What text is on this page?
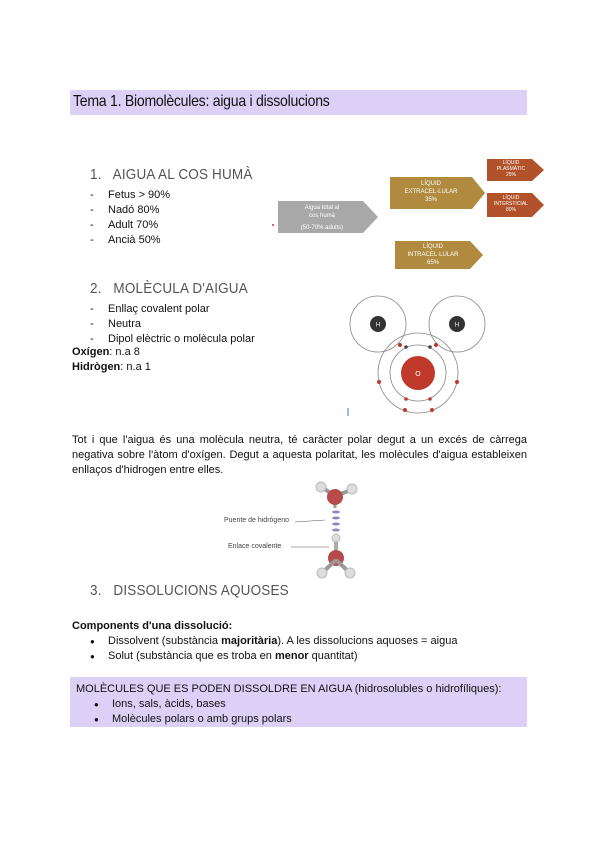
Tema 1. Biomolècules: aigua i dissolucions
1. AIGUA AL COS HUMÀ
- Fetus > 90%
- Nadó 80%
- Adult 70%
- Ancià 50%
Aigua total al
cos humà
(50-70% adults)
LÍQUID
EXTRACEL·LULAR
35%
LÍQUID
INTRACEL·LULAR
65%
LÍQUID
PLASMÀTIC
25%
LÍQUID
INTERSTICIAL
80%
2. MOLÈCULA D'AIGUA
- Enllaç covalent polar
- Neutra
- Dipol elèctric o molècula polar
Oxígen: n.a 8
Hidrògen: n.a 1
H	H
O
Tot i que l'aigua és una molècula neutra, té caràcter polar degut a un excés de càrrega negativa sobre l'àtom d'oxígen. Degut a aquesta polaritat, les molècules d'aigua estableixen enllaços d'hidrogen entre elles.
Puente de hidrógeno
Enlace covalente
3. DISSOLUCIONS AQUOSES
Components d'una dissolució:
● Dissolvent (substància majoritària). A les dissolucions aquoses = aigua
● Solut (substància que es troba en menor quantitat)
MOLÈCULES QUE ES PODEN DISSOLDRE EN AIGUA (hidrosolubles o hidrofíliques):
● Ions, sals, àcids, bases
● Molècules polars o amb grups polars
